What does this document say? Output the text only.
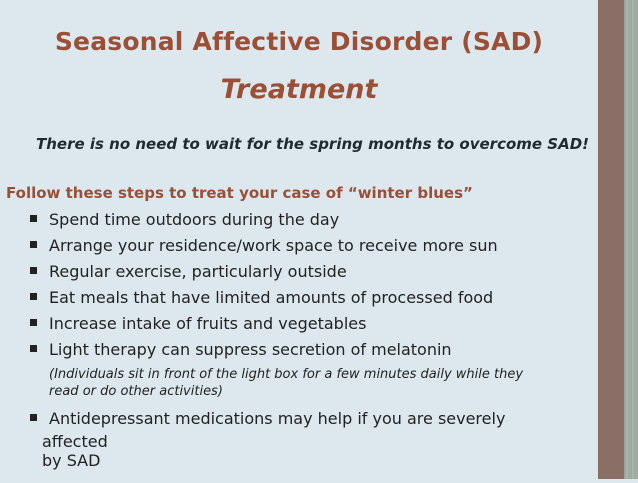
Seasonal Affective Disorder (SAD)
Treatment
There is no need to wait for the spring months to overcome SAD!
Follow these steps to treat your case of “winter blues”
Spend time outdoors during the day
Arrange your residence/work space to receive more sun
Regular exercise, particularly outside
Eat meals that have limited amounts of processed food
Increase intake of fruits and vegetables
Light therapy can suppress secretion of melatonin
(Individuals sit in front of the light box for a few minutes daily while they
read or do other activities)
Antidepressant medications may help if you are severely
affected by SAD
